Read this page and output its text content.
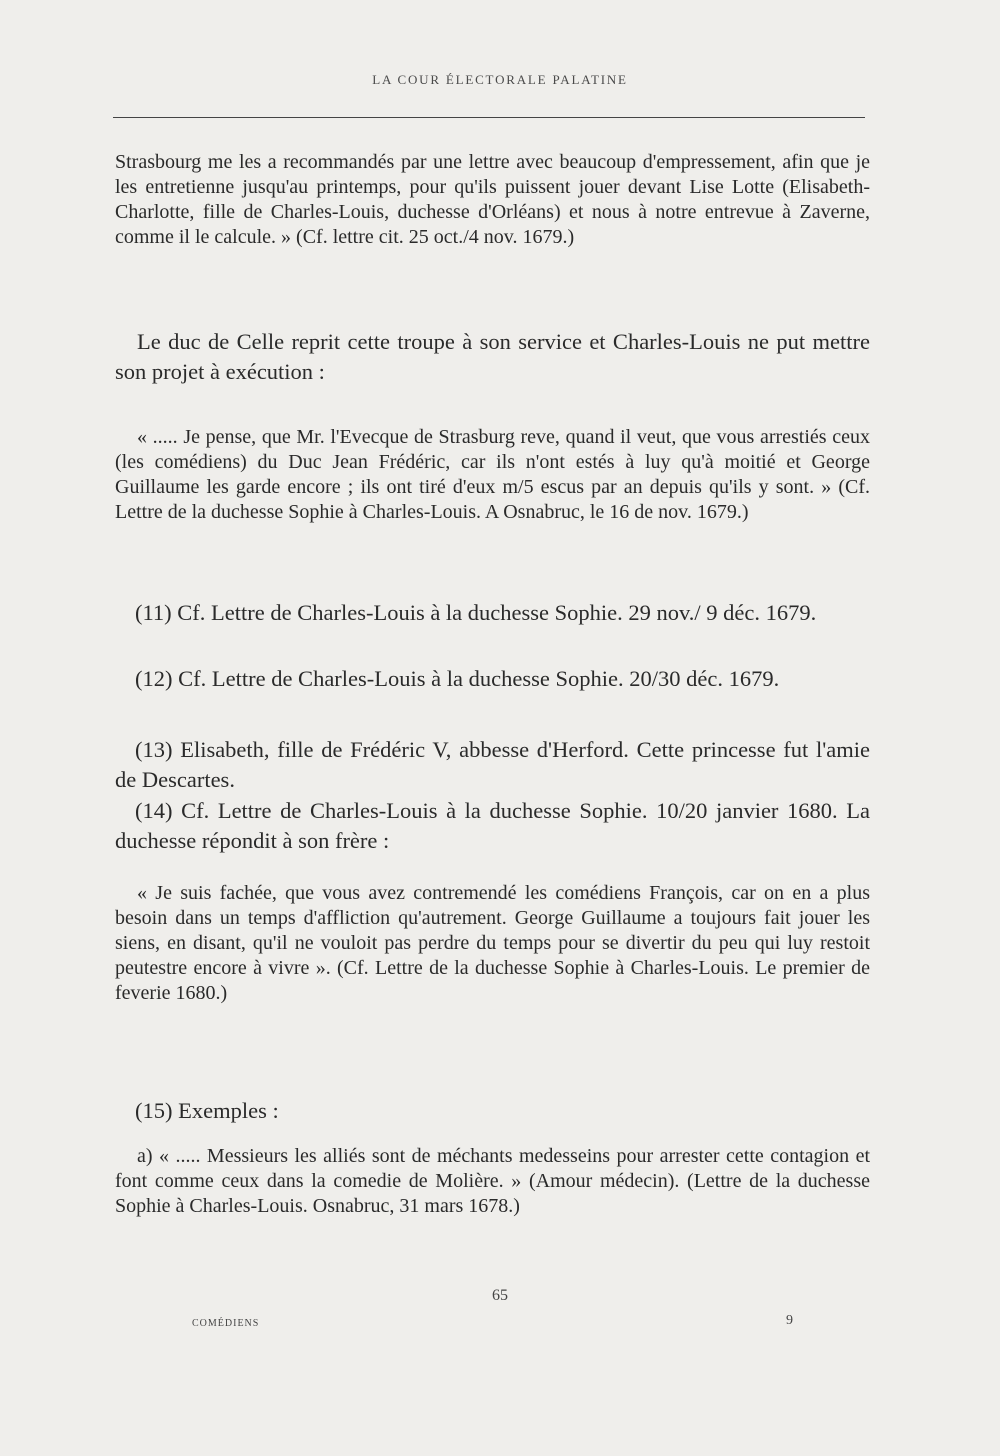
LA COUR ÉLECTORALE PALATINE

Strasbourg me les a recommandés par une lettre avec beaucoup d'empressement, afin que je les entretienne jusqu'au printemps, pour qu'ils puissent jouer devant Lise Lotte (Elisabeth-Charlotte, fille de Charles-Louis, duchesse d'Orléans) et nous à notre entrevue à Zaverne, comme il le calcule. » (Cf. lettre cit. 25 oct./4 nov. 1679.)

Le duc de Celle reprit cette troupe à son service et Charles-Louis ne put mettre son projet à exécution :

« ..... Je pense, que Mr. l'Evecque de Strasburg reve, quand il veut, que vous arrestiés ceux (les comédiens) du Duc Jean Frédéric, car ils n'ont estés à luy qu'à moitié et George Guillaume les garde encore ; ils ont tiré d'eux m/5 escus par an depuis qu'ils y sont. » (Cf. Lettre de la duchesse Sophie à Charles-Louis. A Osnabruc, le 16 de nov. 1679.)

(11) Cf. Lettre de Charles-Louis à la duchesse Sophie. 29 nov./ 9 déc. 1679.

(12) Cf. Lettre de Charles-Louis à la duchesse Sophie. 20/30 déc. 1679.

(13) Elisabeth, fille de Frédéric V, abbesse d'Herford. Cette princesse fut l'amie de Descartes.

(14) Cf. Lettre de Charles-Louis à la duchesse Sophie. 10/20 janvier 1680. La duchesse répondit à son frère :

« Je suis fachée, que vous avez contremendé les comédiens François, car on en a plus besoin dans un temps d'affliction qu'autrement. George Guillaume a toujours fait jouer les siens, en disant, qu'il ne vouloit pas perdre du temps pour se divertir du peu qui luy restoit peutestre encore à vivre ». (Cf. Lettre de la duchesse Sophie à Charles-Louis. Le premier de feverie 1680.)

(15) Exemples :

a) « ..... Messieurs les alliés sont de méchants medesseins pour arrester cette contagion et font comme ceux dans la comedie de Molière. » (Amour médecin). (Lettre de la duchesse Sophie à Charles-Louis. Osnabruc, 31 mars 1678.)

65
COMÉDIENS	9
